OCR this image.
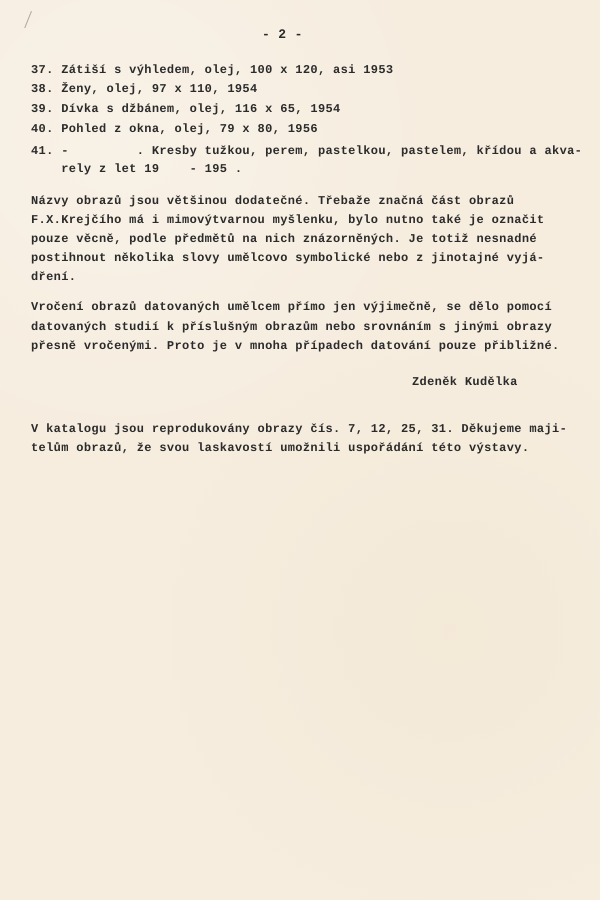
- 2 -
37. Zátiší s výhledem, olej, 100 x 120, asi 1953
38. Ženy, olej, 97 x 110, 1954
39. Dívka s džbánem, olej, 116 x 65, 1954
40. Pohled z okna, olej, 79 x 80, 1956
41. -         . Kresby tužkou, perem, pastelkou, pastelem, křídou a akva-
rely z let 19    - 195 .
Názvy obrazů jsou většinou dodatečné. Třebaže značná část obrazů
F.X.Krejčího má i mimovýtvarnou myšlenku, bylo nutno také je označit
pouze věcně, podle předmětů na nich znázorněných. Je totiž nesnadné
postihnout několika slovy umělcovo symbolické nebo z jinotajné vyjá-
dření.
Vročení obrazů datovaných umělcem přímo jen výjimečně, se dělo pomocí
datovaných studií k příslušným obrazům nebo srovnáním s jinými obrazy
přesně vročenými. Proto je v mnoha případech datování pouze přibližné.
Zdeněk Kudělka
V katalogu jsou reprodukovány obrazy čís. 7, 12, 25, 31. Děkujeme maji-
telům obrazů, že svou laskavostí umožnili uspořádání této výstavy.
